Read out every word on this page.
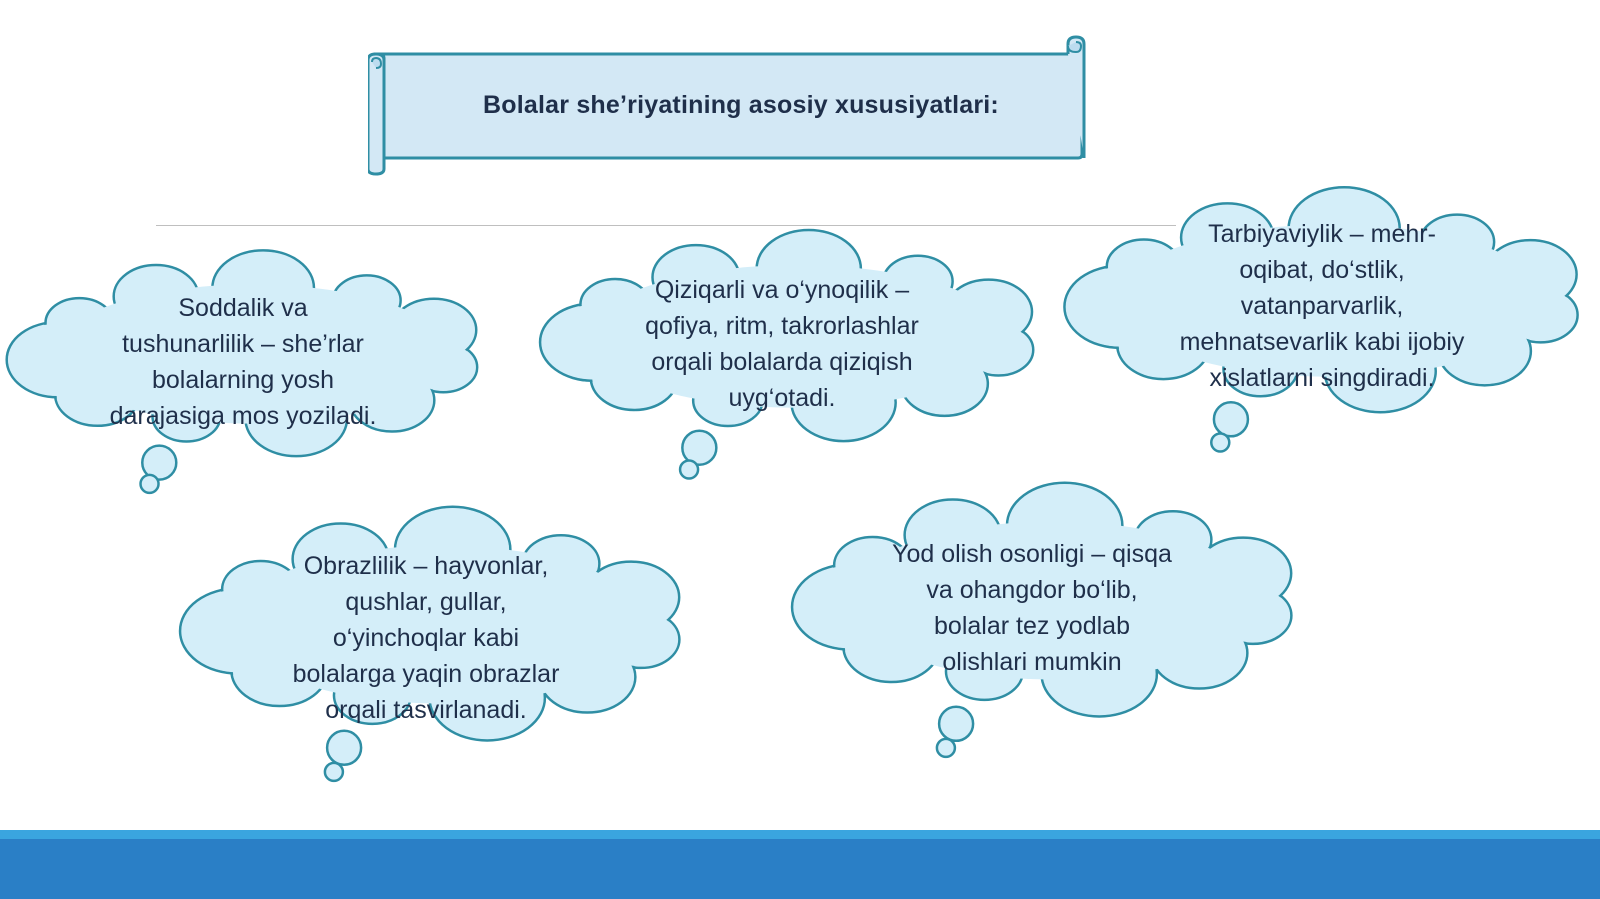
Bolalar she’riyatining asosiy xususiyatlari:
Soddalik va
tushunarlilik – she’rlar
bolalarning yosh
darajasiga mos yoziladi.
Qiziqarli va o‘ynoqilik –
qofiya, ritm, takrorlashlar
orqali bolalarda qiziqish
uyg‘otadi.
Tarbiyaviylik – mehr-
oqibat, do‘stlik,
vatanparvarlik,
mehnatsevarlik kabi ijobiy
xislatlarni singdiradi.
Obrazlilik – hayvonlar,
qushlar, gullar,
o‘yinchoqlar kabi
bolalarga yaqin obrazlar
orqali tasvirlanadi.
Yod olish osonligi – qisqa
va ohangdor bo‘lib,
bolalar tez yodlab
olishlari mumkin
